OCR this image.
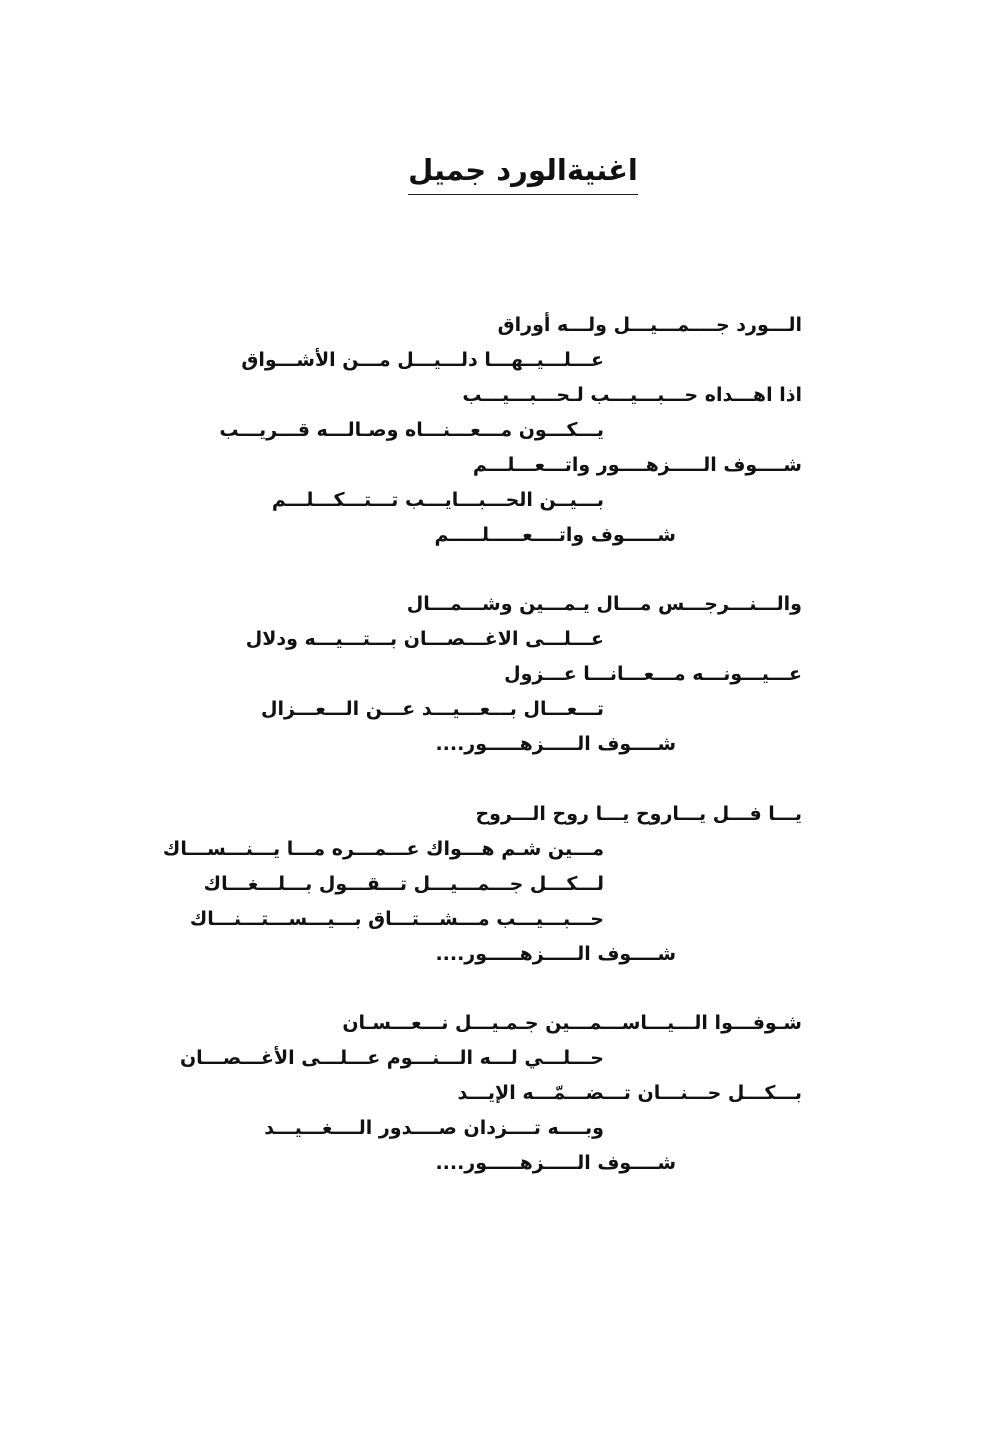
اغنيةالورد جميل
الـــورد جــــمـــيـــل ولـــه أوراق
عـــلـــيــهـــا دلـــيـــل مـــن الأشـــواق
اذا اهـــداه حـــبـــيـــب لـحـــبـــيـــب
يـــكـــون مـــعـــنـــاه وصـالـــه قـــريـــب
شــــوف الـــــزهــــور واتـــعـــلـــم
بـــيــن الحـــبـــايـــب تـــتـــكـــلـــم
شـــــوف واتــــعـــــلـــــم
والـــنـــرجـــس مـــال يـمـــين وشـــمـــال
عـــلـــى الاغـــصـــان بـــتـــيـــه ودلال
عـــيـــونـــه مـــعـــانـــا عـــزول
تـــعـــال بـــعـــيـــد عـــن الـــعـــزال
شــــوف الـــــزهـــــور....
يـــا فـــل يـــاروح يـــا روح الـــروح
مـــين شـم هـــواك عـــمـــره مـــا يـــنـــســـاك
لـــكـــل جـــمـــيـــل تـــقـــول بـــلـــغـــاك
حـــبـــيـــب مـــشـــتـــاق بـــيـــســـتـــنـــاك
شــــوف الـــــزهـــــور....
شـوفـــوا الـــيـــاســـمـــين جـمـيـــل نـــعـــسـان
حـــلـــي لـــه الـــنـــوم عـــلـــى الأغـــصـــان
بـــكـــل حـــنـــان تـــضـــمّـــه الإيـــد
وبــــه تــــزدان صــــدور الــــغـــيـــد
شــــوف الـــــزهـــــور....
